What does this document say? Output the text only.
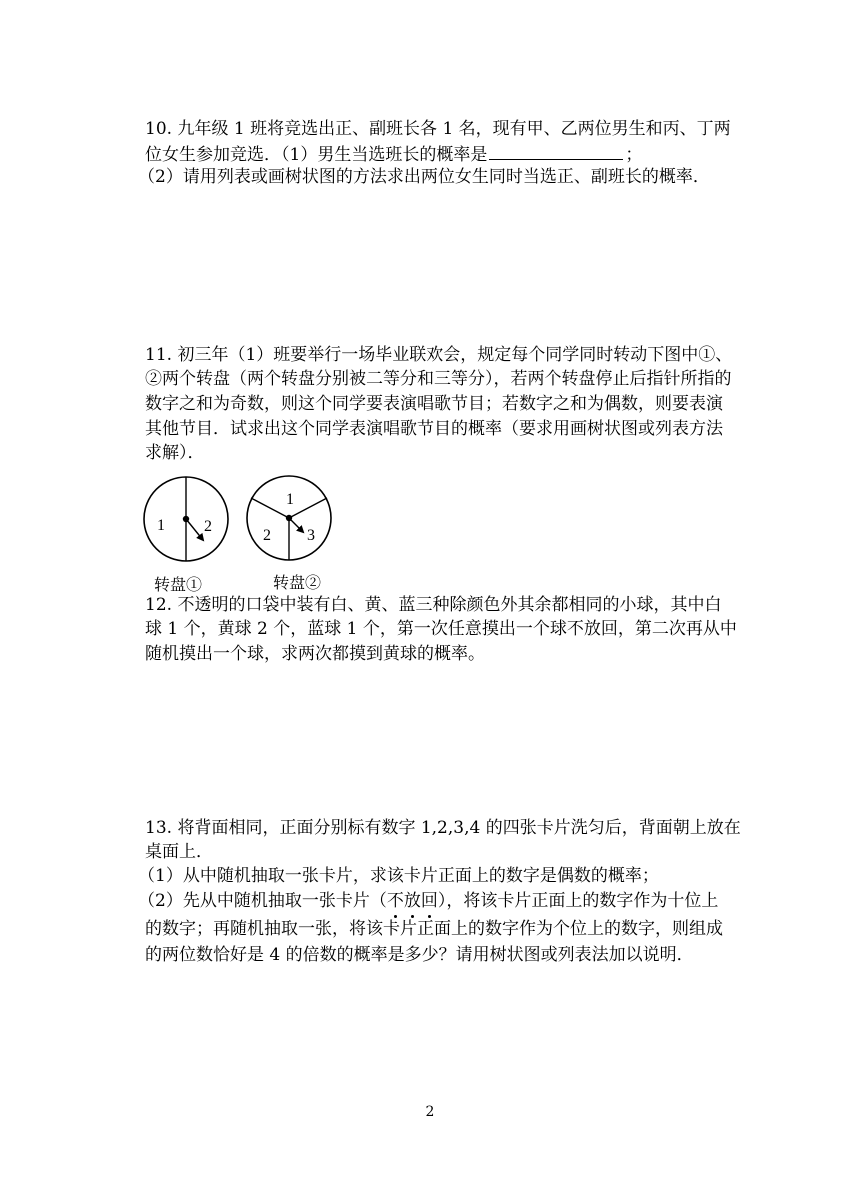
10. 九年级 1 班将竞选出正、副班长各 1 名，现有甲、乙两位男生和丙、丁两
位女生参加竞选．（1）男生当选班长的概率是	；
（2）请用列表或画树状图的方法求出两位女生同时当选正、副班长的概率．
11. 初三年（1）班要举行一场毕业联欢会，规定每个同学同时转动下图中①、
②两个转盘（两个转盘分别被二等分和三等分），若两个转盘停止后指针所指的
数字之和为奇数，则这个同学要表演唱歌节目；若数字之和为偶数，则要表演
其他节目．试求出这个同学表演唱歌节目的概率（要求用画树状图或列表方法
求解）．
1 2
1
2 3
转盘①	转盘②
12. 不透明的口袋中装有白、黄、蓝三种除颜色外其余都相同的小球，其中白
球 1 个，黄球 2 个，蓝球 1 个，第一次任意摸出一个球不放回，第二次再从中
随机摸出一个球，求两次都摸到黄球的概率。
13. 将背面相同，正面分别标有数字 1,2,3,4 的四张卡片洗匀后，背面朝上放在
桌面上．
（1）从中随机抽取一张卡片，求该卡片正面上的数字是偶数的概率；
（2）先从中随机抽取一张卡片（不放回），将该卡片正面上的数字作为十位上
的数字；再随机抽取一张，将该卡片正面上的数字作为个位上的数字，则组成
的两位数恰好是 4 的倍数的概率是多少？请用树状图或列表法加以说明．
2
